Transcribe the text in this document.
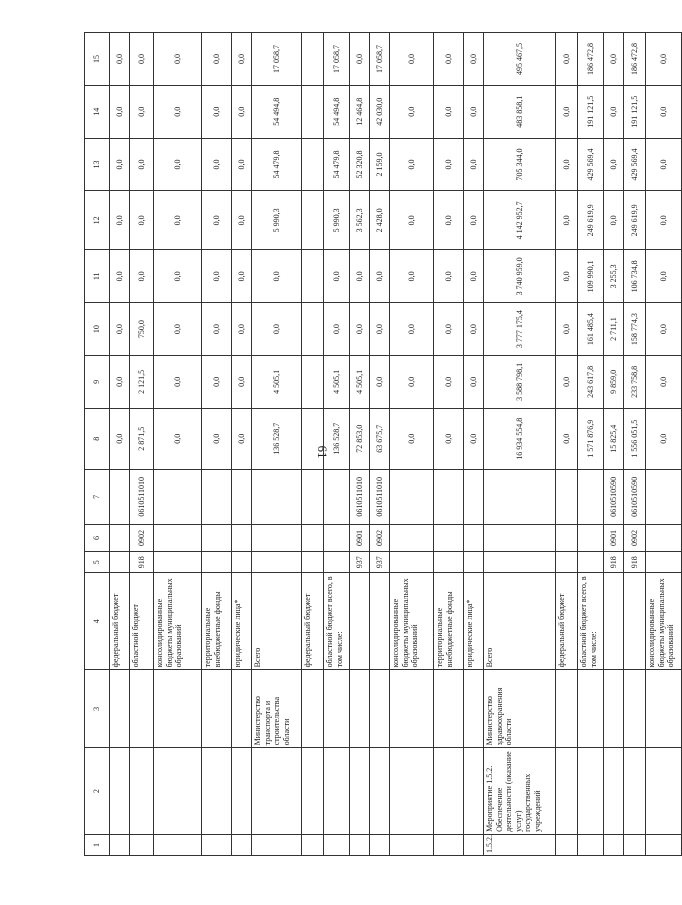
61
1	2	3	4	5	6	7	8	9	10	11	12	13	14	15
			федеральный бюджет				0,0	0,0	0,0	0,0	0,0	0,0	0,0	0,0
			областной бюджет	918	0902	0610511010	2 871,5	2 121,5	750,0	0,0	0,0	0,0	0,0	0,0
			консолидированные бюджеты муниципальных образований				0,0	0,0	0,0	0,0	0,0	0,0	0,0	0,0
			территориальные внебюджетные фонды				0,0	0,0	0,0	0,0	0,0	0,0	0,0	0,0
			юридические лица*				0,0	0,0	0,0	0,0	0,0	0,0	0,0	0,0
		Министерство транспорта и строительства области	Всего				136 528,7	4 505,1	0,0	0,0	5 990,3	54 479,8	54 494,8	17 058,7
			федеральный бюджет											
			областной бюджет всего, в том числе:				136 528,7	4 505,1	0,0	0,0	5 990,3	54 479,8	54 494,8	17 058,7
				937	0901	0610511010	72 853,0	4 505,1	0,0	0,0	3 562,3	52 320,8	12 464,8	0,0
				937	0902	0610511010	63 675,7	0,0	0,0	0,0	2 428,0	2 159,0	42 030,0	17 058,7
			консолидированные бюджеты муниципальных образований				0,0	0,0	0,0	0,0	0,0	0,0	0,0	0,0
			территориальные внебюджетные фонды				0,0	0,0	0,0	0,0	0,0	0,0	0,0	0,0
			юридические лица*				0,0	0,0	0,0	0,0	0,0	0,0	0,0	0,0
1.5.2.	Мероприятие 1.5.2. Обеспечение деятельности (оказание услуг) государственных учреждений	Министерство здравоохранения области	Всего				16 934 554,8	3 588 798,1	3 777 175,4	3 740 959,0	4 142 952,7	705 344,0	483 858,1	495 467,5
			федеральный бюджет				0,0	0,0	0,0	0,0	0,0	0,0	0,0	0,0
			областной бюджет всего, в том числе:				1 571 876,9	243 617,8	161 485,4	109 990,1	249 619,9	429 569,4	191 121,5	186 472,8
				918	0901	0610510590	15 825,4	9 859,0	2 711,1	3 255,3	0,0	0,0	0,0	0,0
				918	0902	0610510590	1 556 051,5	233 758,8	158 774,3	106 734,8	249 619,9	429 569,4	191 121,5	186 472,8
			консолидированные бюджеты муниципальных образований				0,0	0,0	0,0	0,0	0,0	0,0	0,0	0,0
